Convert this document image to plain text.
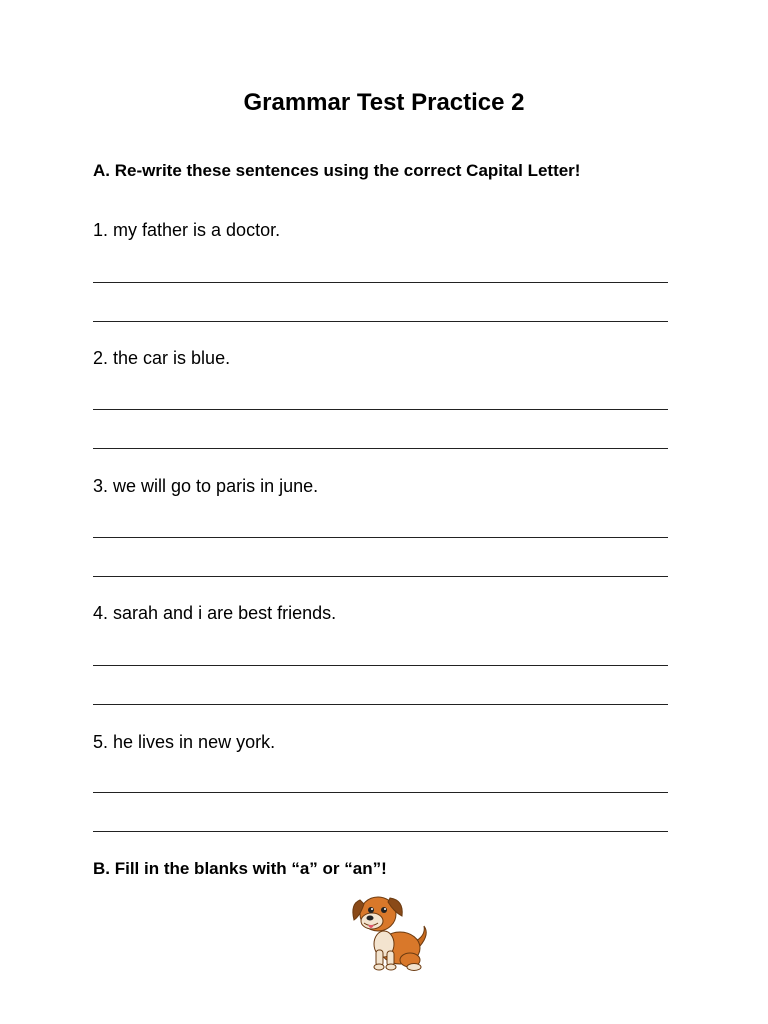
Grammar Test Practice 2
A. Re-write these sentences using the correct Capital Letter!
1. my father is a doctor.
2. the car is blue.
3. we will go to paris in june.
4. sarah and i are best friends.
5. he lives in new york.
B. Fill in the blanks with “a” or “an”!
